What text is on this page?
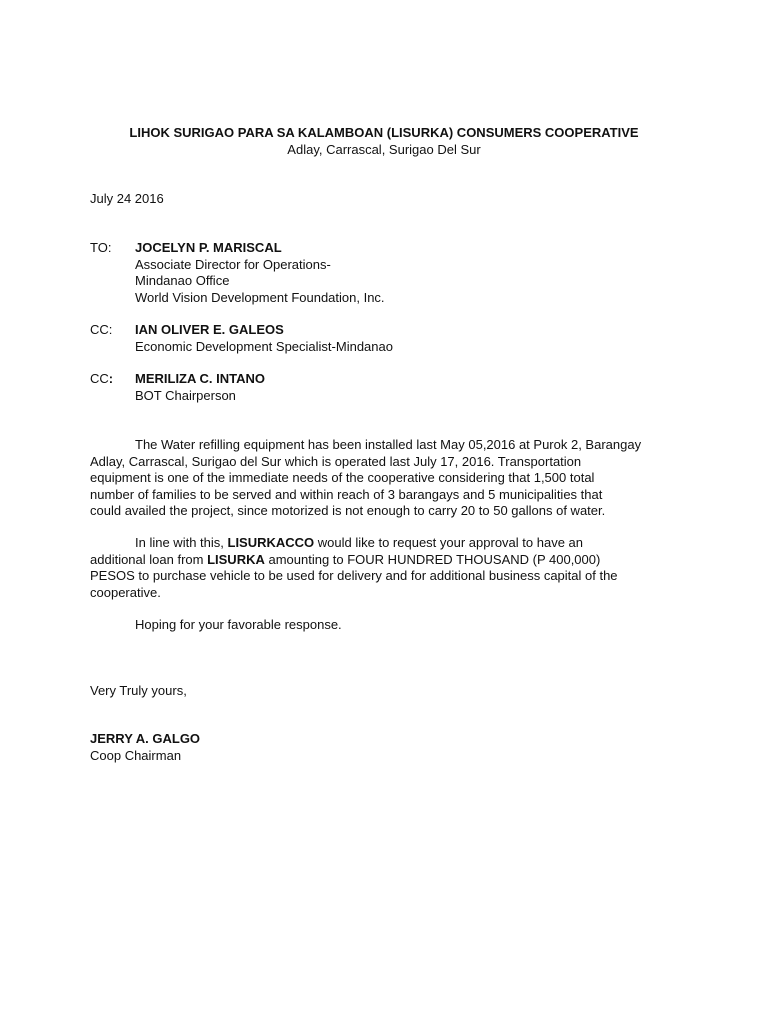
LIHOK SURIGAO PARA SA KALAMBOAN (LISURKA) CONSUMERS COOPERATIVE
Adlay, Carrascal, Surigao Del Sur
July 24 2016
TO: JOCELYN P. MARISCAL
Associate Director for Operations-
Mindanao Office
World Vision Development Foundation, Inc.
CC: IAN OLIVER E. GALEOS
Economic Development Specialist-Mindanao
CC: MERILIZA C. INTANO
BOT Chairperson
The Water refilling equipment has been installed last May 05,2016 at Purok 2, Barangay
Adlay, Carrascal, Surigao del Sur which is operated last July 17, 2016. Transportation
equipment is one of the immediate needs of the cooperative considering that 1,500 total
number of families to be served and within reach of 3 barangays and 5 municipalities that
could availed the project, since motorized is not enough to carry 20 to 50 gallons of water.
In line with this, LISURKACCO would like to request your approval to have an
additional loan from LISURKA amounting to FOUR HUNDRED THOUSAND (P 400,000)
PESOS to purchase vehicle to be used for delivery and for additional business capital of the
cooperative.
Hoping for your favorable response.
Very Truly yours,
JERRY A. GALGO
Coop Chairman
